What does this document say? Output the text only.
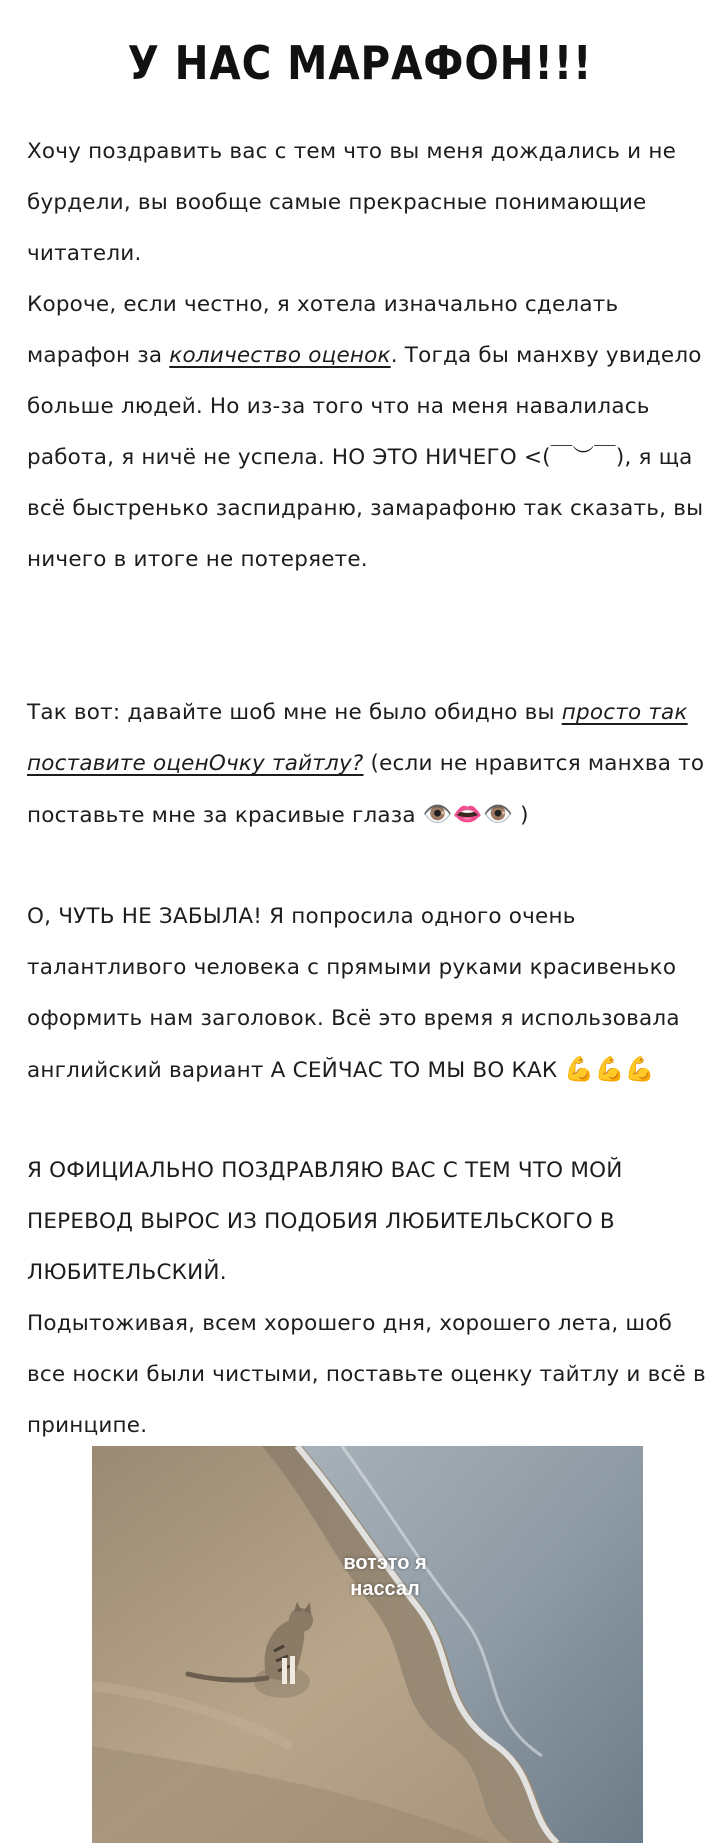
У НАС МАРАФОН!!!

Хочу поздравить вас с тем что вы меня дождались и не бурдели, вы вообще самые прекрасные понимающие читатели.

Короче, если честно, я хотела изначально сделать марафон за количество оценок. Тогда бы манхву увидело больше людей. Но из-за того что на меня навалилась работа, я ничё не успела. НО ЭТО НИЧЕГО <(￣︶￣), я ща всё быстренько заспидраню, замарафоню так сказать, вы ничего в итоге не потеряете.

Так вот: давайте шоб мне не было обидно вы просто так поставите оценОчку тайтлу? (если не нравится манхва то поставьте мне за красивые глаза 👁️👄👁️ )

О, ЧУТЬ НЕ ЗАБЫЛА! Я попросила одного очень талантливого человека с прямыми руками красивенько оформить нам заголовок. Всё это время я использовала английский вариант А СЕЙЧАС ТО МЫ ВО КАК 💪💪💪

Я ОФИЦИАЛЬНО ПОЗДРАВЛЯЮ ВАС С ТЕМ ЧТО МОЙ ПЕРЕВОД ВЫРОС ИЗ ПОДОБИЯ ЛЮБИТЕЛЬСКОГО В ЛЮБИТЕЛЬСКИЙ.

Подытоживая, всем хорошего дня, хорошего лета, шоб все носки были чистыми, поставьте оценку тайтлу и всё в принципе.

вотэто я
нассал
